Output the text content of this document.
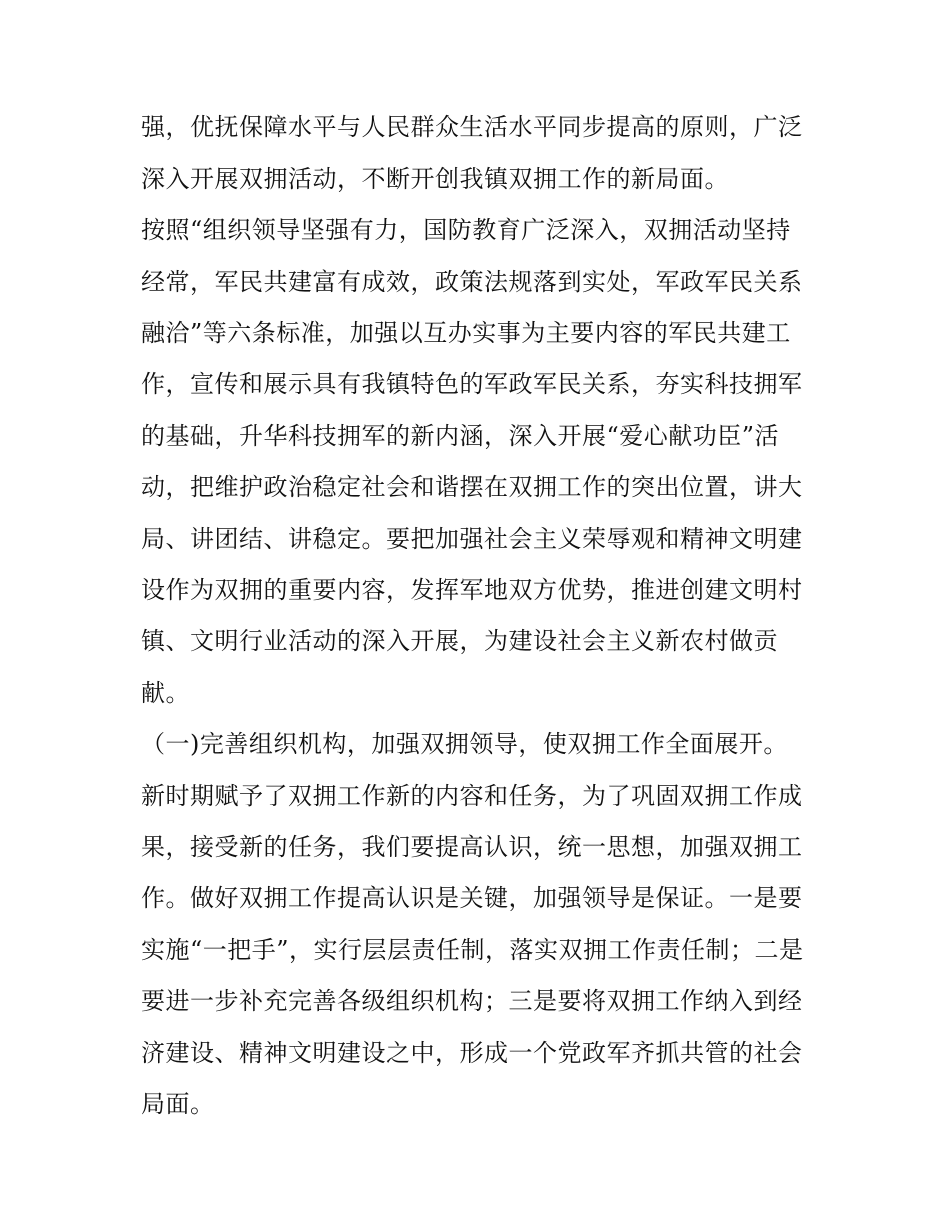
强，优抚保障水平与人民群众生活水平同步提高的原则，广泛
深入开展双拥活动，不断开创我镇双拥工作的新局面。
按照“组织领导坚强有力，国防教育广泛深入，双拥活动坚持
经常，军民共建富有成效，政策法规落到实处，军政军民关系
融洽”等六条标准，加强以互办实事为主要内容的军民共建工
作，宣传和展示具有我镇特色的军政军民关系，夯实科技拥军
的基础，升华科技拥军的新内涵，深入开展“爱心献功臣”活
动，把维护政治稳定社会和谐摆在双拥工作的突出位置，讲大
局、讲团结、讲稳定。要把加强社会主义荣辱观和精神文明建
设作为双拥的重要内容，发挥军地双方优势，推进创建文明村
镇、文明行业活动的深入开展，为建设社会主义新农村做贡
献。
（一)完善组织机构，加强双拥领导，使双拥工作全面展开。
新时期赋予了双拥工作新的内容和任务，为了巩固双拥工作成
果，接受新的任务，我们要提高认识，统一思想，加强双拥工
作。做好双拥工作提高认识是关键，加强领导是保证。一是要
实施“一把手”，实行层层责任制，落实双拥工作责任制；二是
要进一步补充完善各级组织机构；三是要将双拥工作纳入到经
济建设、精神文明建设之中，形成一个党政军齐抓共管的社会
局面。
